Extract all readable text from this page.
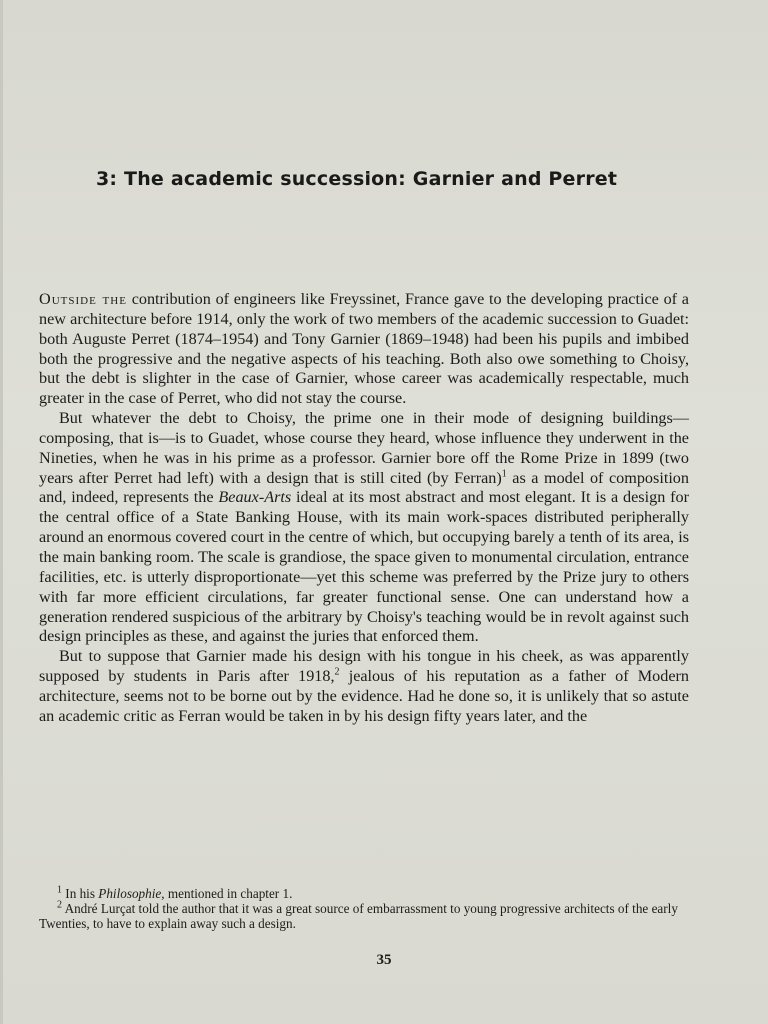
3: The academic succession: Garnier and Perret

Outside the contribution of engineers like Freyssinet, France gave to the developing practice of a new architecture before 1914, only the work of two members of the academic succession to Guadet: both Auguste Perret (1874–1954) and Tony Garnier (1869–1948) had been his pupils and imbibed both the progressive and the negative aspects of his teaching. Both also owe something to Choisy, but the debt is slighter in the case of Garnier, whose career was academically respectable, much greater in the case of Perret, who did not stay the course.

But whatever the debt to Choisy, the prime one in their mode of designing buildings—composing, that is—is to Guadet, whose course they heard, whose influence they underwent in the Nineties, when he was in his prime as a professor. Garnier bore off the Rome Prize in 1899 (two years after Perret had left) with a design that is still cited (by Ferran)$^1$ as a model of composition and, indeed, represents the Beaux-Arts ideal at its most abstract and most elegant. It is a design for the central office of a State Banking House, with its main work-spaces distributed peripherally around an enormous covered court in the centre of which, but occupying barely a tenth of its area, is the main banking room. The scale is grandiose, the space given to monumental circulation, entrance facilities, etc. is utterly disproportionate—yet this scheme was preferred by the Prize jury to others with far more efficient circulations, far greater functional sense. One can understand how a generation rendered suspicious of the arbitrary by Choisy's teaching would be in revolt against such design principles as these, and against the juries that enforced them.

But to suppose that Garnier made his design with his tongue in his cheek, as was apparently supposed by students in Paris after 1918,$^2$ jealous of his reputation as a father of Modern architecture, seems not to be borne out by the evidence. Had he done so, it is unlikely that so astute an academic critic as Ferran would be taken in by his design fifty years later, and the

$^1$ In his Philosophie, mentioned in chapter 1.

$^2$ André Lurçat told the author that it was a great source of embarrassment to young progressive architects of the early Twenties, to have to explain away such a design.

35
